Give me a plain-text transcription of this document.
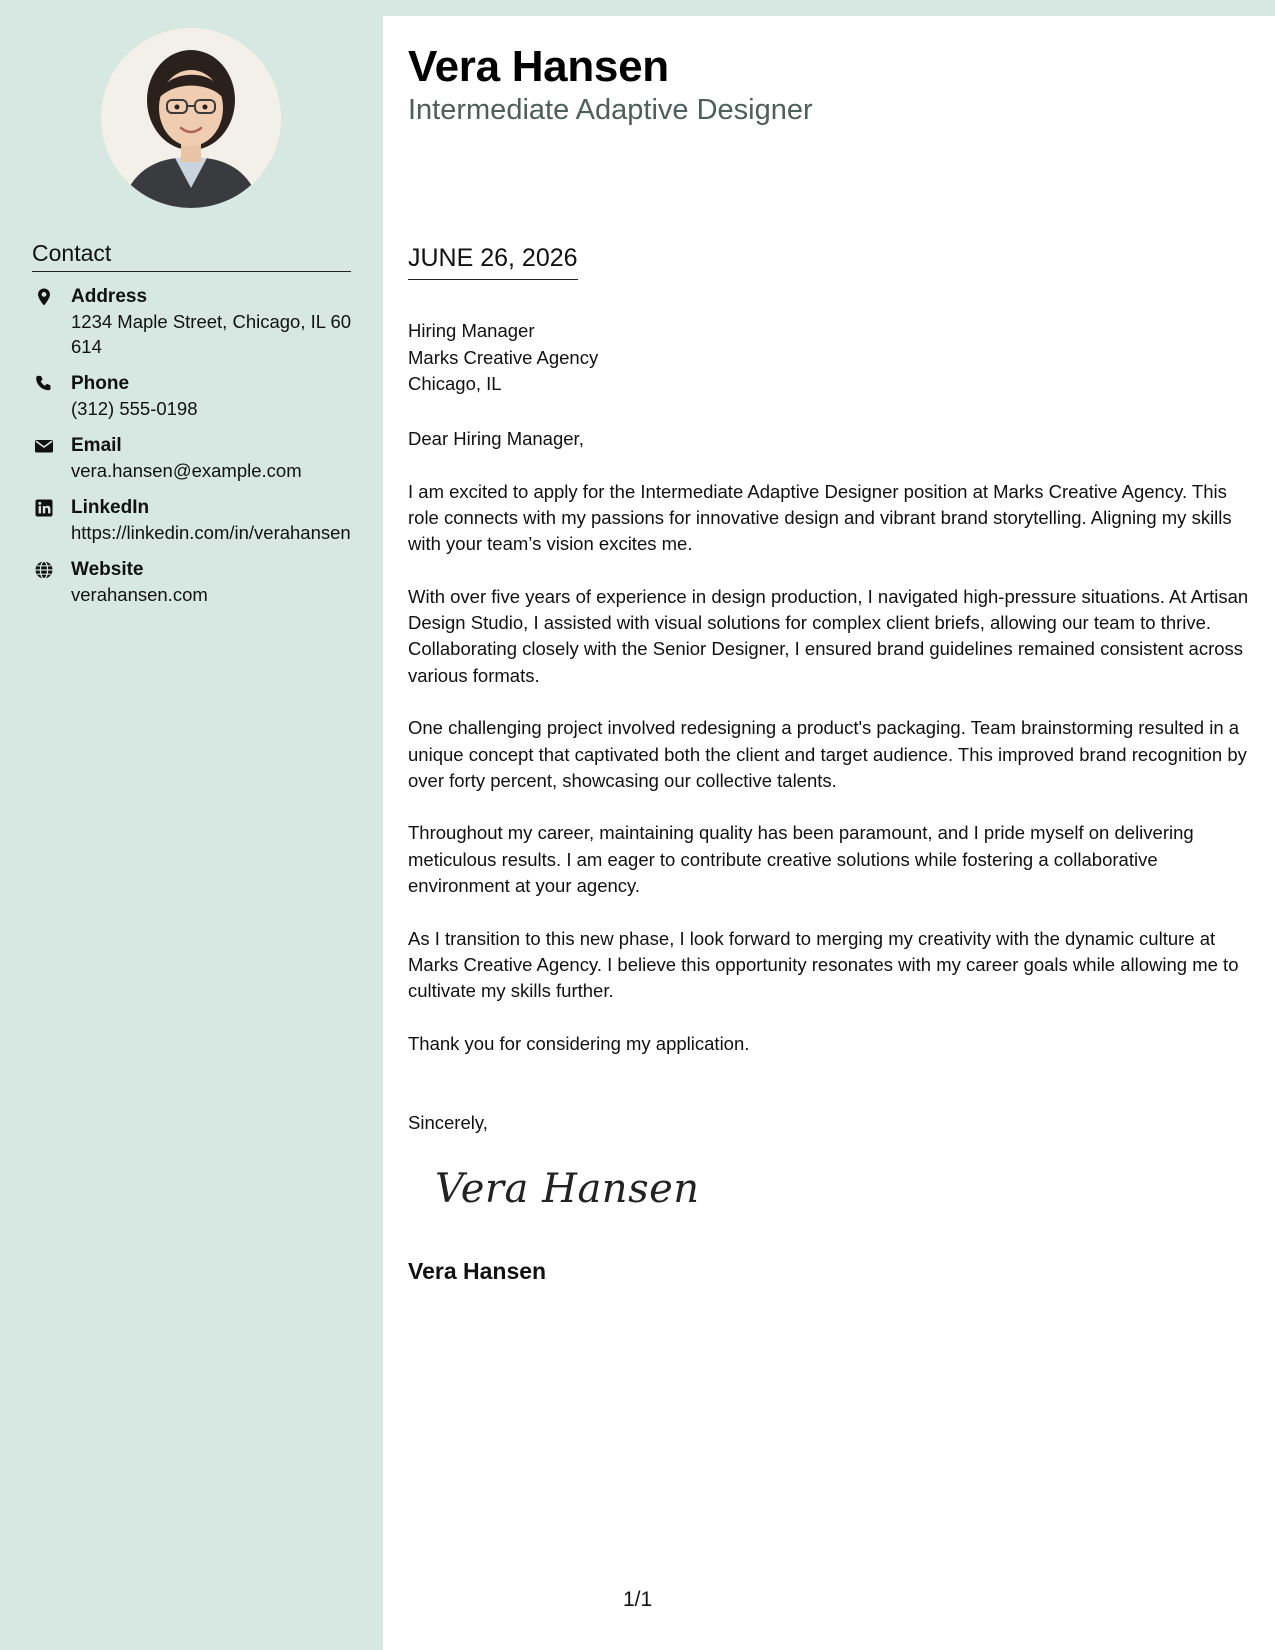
Contact
Address
1234 Maple Street, Chicago, IL 60614
Phone
(312) 555-0198
Email
vera.hansen@example.com
LinkedIn
https://linkedin.com/in/verahansen
Website
verahansen.com
Vera Hansen
Intermediate Adaptive Designer
JUNE 26, 2026
Hiring Manager
Marks Creative Agency
Chicago, IL

Dear Hiring Manager,

I am excited to apply for the Intermediate Adaptive Designer position at Marks Creative Agency. This role connects with my passions for innovative design and vibrant brand storytelling. Aligning my skills with your team’s vision excites me.

With over five years of experience in design production, I navigated high-pressure situations. At Artisan Design Studio, I assisted with visual solutions for complex client briefs, allowing our team to thrive. Collaborating closely with the Senior Designer, I ensured brand guidelines remained consistent across various formats.

One challenging project involved redesigning a product's packaging. Team brainstorming resulted in a unique concept that captivated both the client and target audience. This improved brand recognition by over forty percent, showcasing our collective talents.

Throughout my career, maintaining quality has been paramount, and I pride myself on delivering meticulous results. I am eager to contribute creative solutions while fostering a collaborative environment at your agency.

As I transition to this new phase, I look forward to merging my creativity with the dynamic culture at Marks Creative Agency. I believe this opportunity resonates with my career goals while allowing me to cultivate my skills further.

Thank you for considering my application.

Sincerely,
Vera Hansen
Vera Hansen
1/1
